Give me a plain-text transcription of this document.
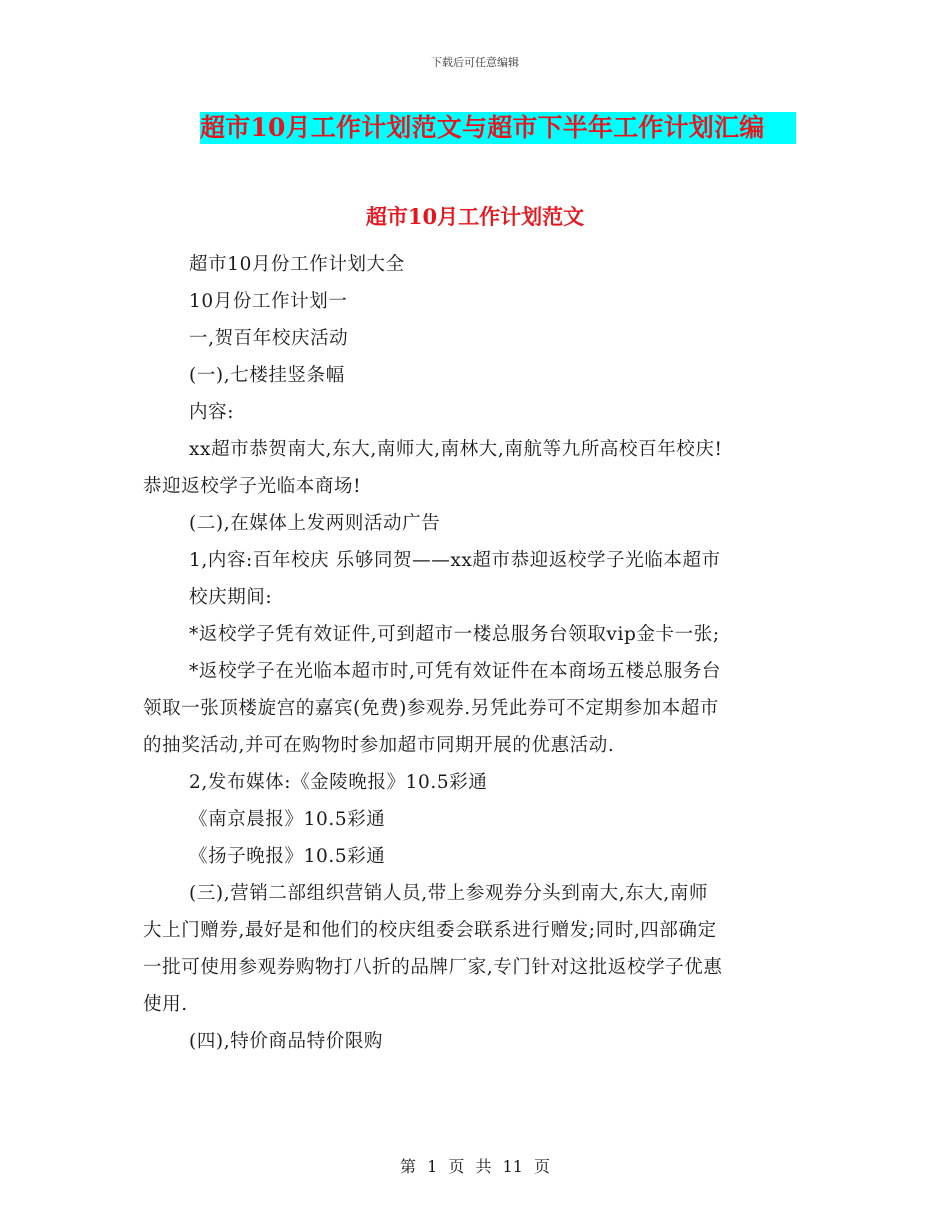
下载后可任意编辑
超市10月工作计划范文与超市下半年工作计划汇编
超市10月工作计划范文

超市10月份工作计划大全

10月份工作计划一

一,贺百年校庆活动

(一),七楼挂竖条幅

内容:

xx超市恭贺南大,东大,南师大,南林大,南航等九所高校百年校庆!

恭迎返校学子光临本商场!

(二),在媒体上发两则活动广告

1,内容:百年校庆 乐够同贺——xx超市恭迎返校学子光临本超市

校庆期间:

*返校学子凭有效证件,可到超市一楼总服务台领取vip金卡一张;

*返校学子在光临本超市时,可凭有效证件在本商场五楼总服务台

领取一张顶楼旋宫的嘉宾(免费)参观券.另凭此券可不定期参加本超市

的抽奖活动,并可在购物时参加超市同期开展的优惠活动.

2,发布媒体:《金陵晚报》10.5彩通

《南京晨报》10.5彩通

《扬子晚报》10.5彩通

(三),营销二部组织营销人员,带上参观券分头到南大,东大,南师

大上门赠券,最好是和他们的校庆组委会联系进行赠发;同时,四部确定

一批可使用参观券购物打八折的品牌厂家,专门针对这批返校学子优惠

使用.

(四),特价商品特价限购

第 1 页 共 11 页
